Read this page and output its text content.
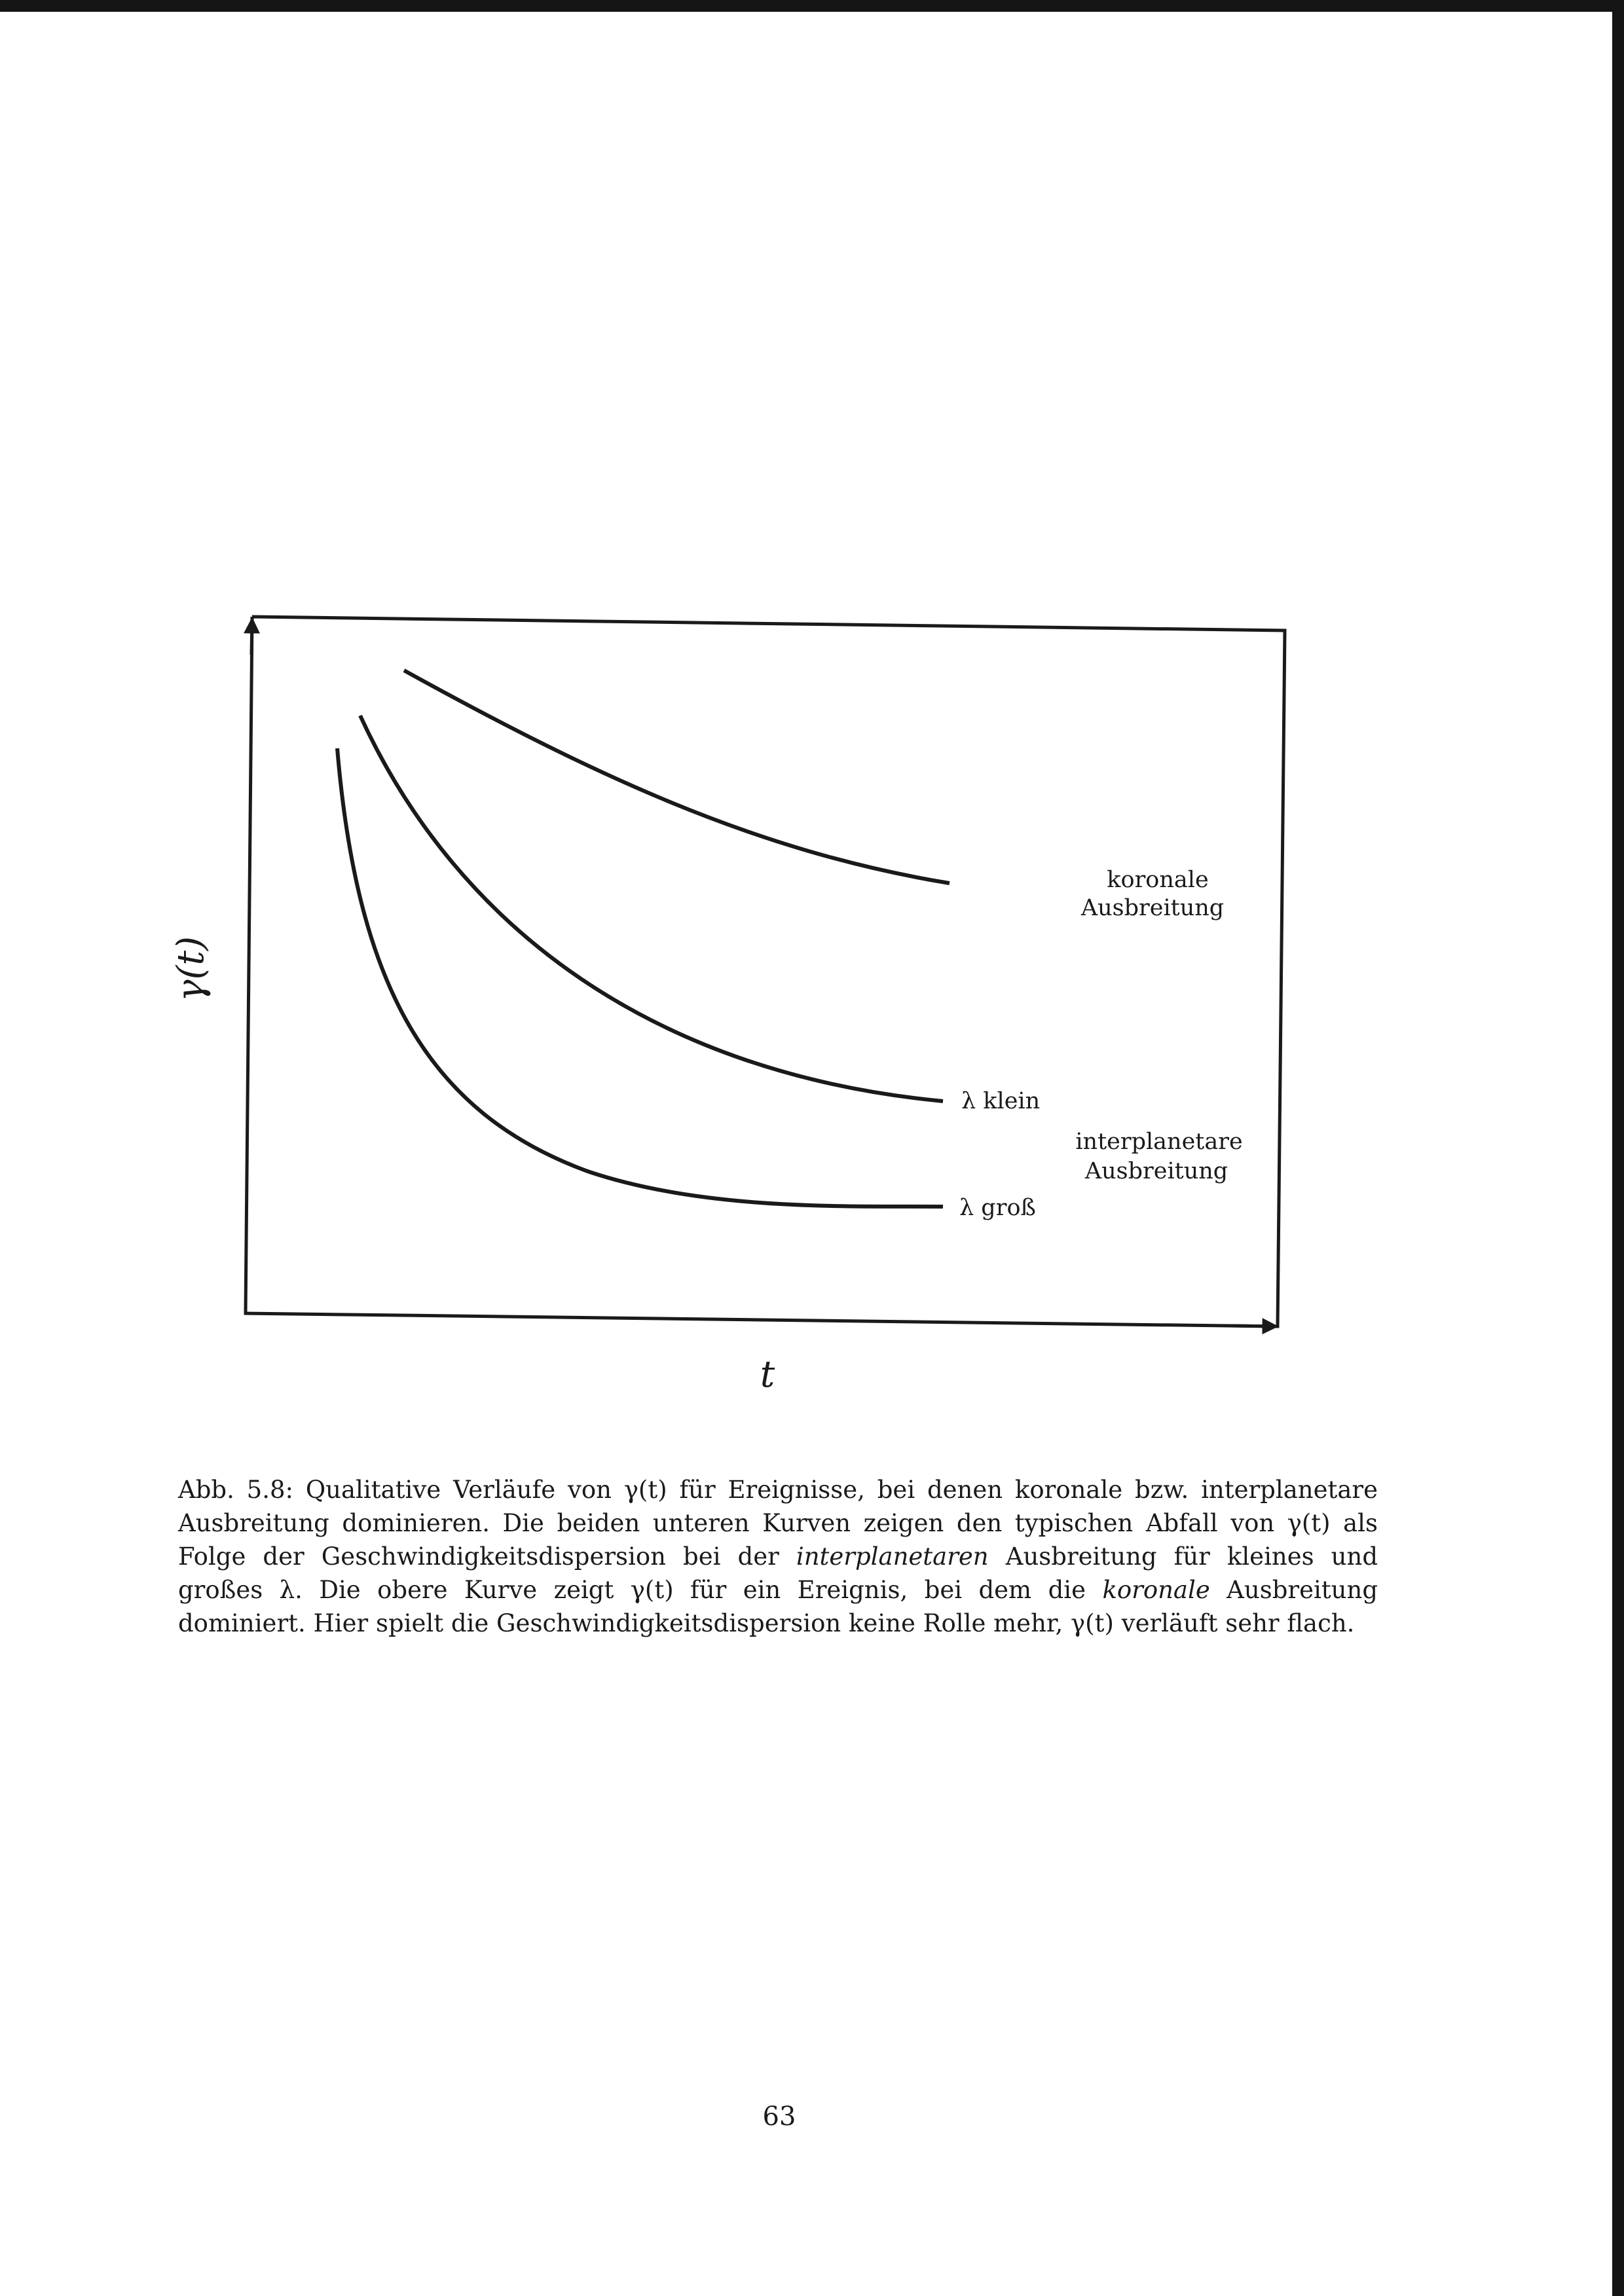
λ klein
λ groß
koronale
Ausbreitung
interplanetare
Ausbreitung
γ(t)
t
Abb. 5.8: Qualitative Verläufe von γ(t) für Ereignisse, bei denen koronale bzw. interplanetare Ausbreitung dominieren. Die beiden unteren Kurven zeigen den typischen Abfall von γ(t) als Folge der Geschwindigkeitsdispersion bei der interplanetaren Ausbreitung für kleines und großes λ. Die obere Kurve zeigt γ(t) für ein Ereignis, bei dem die koronale Ausbreitung dominiert. Hier spielt die Geschwindigkeitsdispersion keine Rolle mehr, γ(t) verläuft sehr flach.
63
